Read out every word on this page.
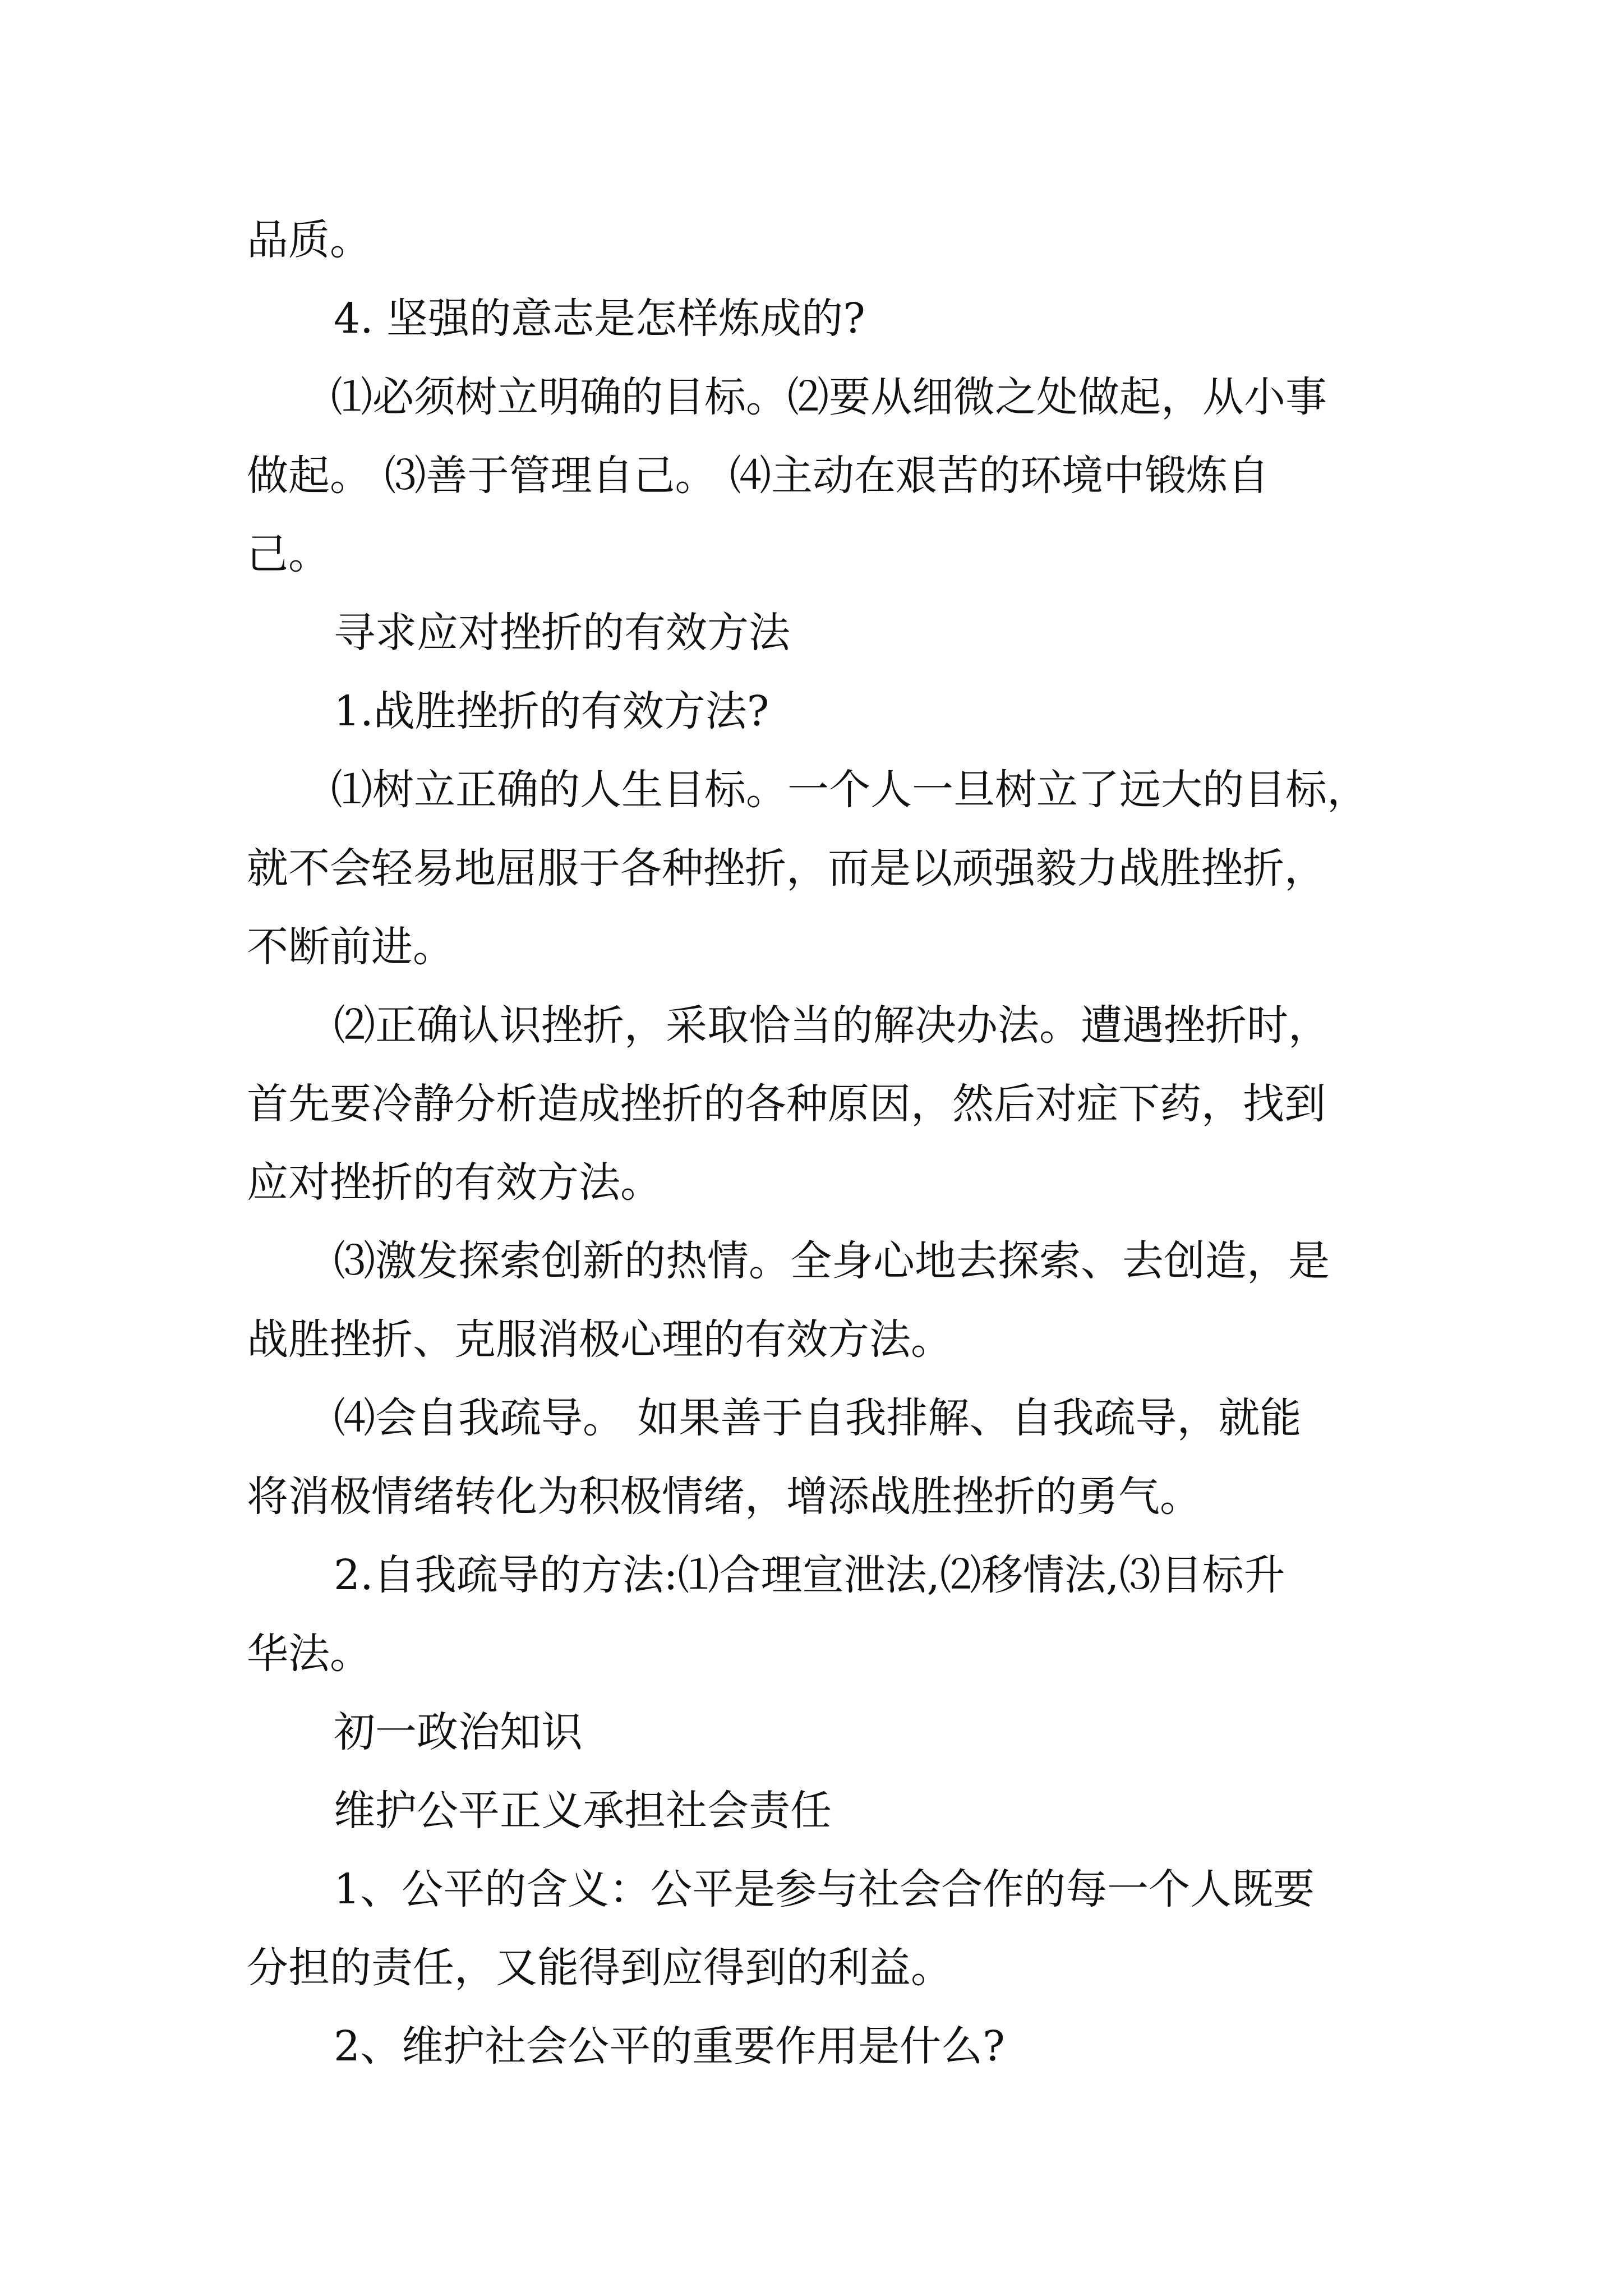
品质。
4. 坚强的意志是怎样炼成的?
⑴必须树立明确的目标。⑵要从细微之处做起，从小事
做起。 ⑶善于管理自己。 ⑷主动在艰苦的环境中锻炼自
己。
寻求应对挫折的有效方法
1.战胜挫折的有效方法?
⑴树立正确的人生目标。一个人一旦树立了远大的目标，
就不会轻易地屈服于各种挫折，而是以顽强毅力战胜挫折，
不断前进。
⑵正确认识挫折，采取恰当的解决办法。遭遇挫折时，
首先要冷静分析造成挫折的各种原因，然后对症下药，找到
应对挫折的有效方法。
⑶激发探索创新的热情。全身心地去探索、去创造，是
战胜挫折、克服消极心理的有效方法。
⑷会自我疏导。 如果善于自我排解、自我疏导，就能
将消极情绪转化为积极情绪，增添战胜挫折的勇气。
2.自我疏导的方法:⑴合理宣泄法,⑵移情法,⑶目标升
华法。
初一政治知识
维护公平正义承担社会责任
1、公平的含义：公平是参与社会合作的每一个人既要
分担的责任，又能得到应得到的利益。
2、维护社会公平的重要作用是什么?
